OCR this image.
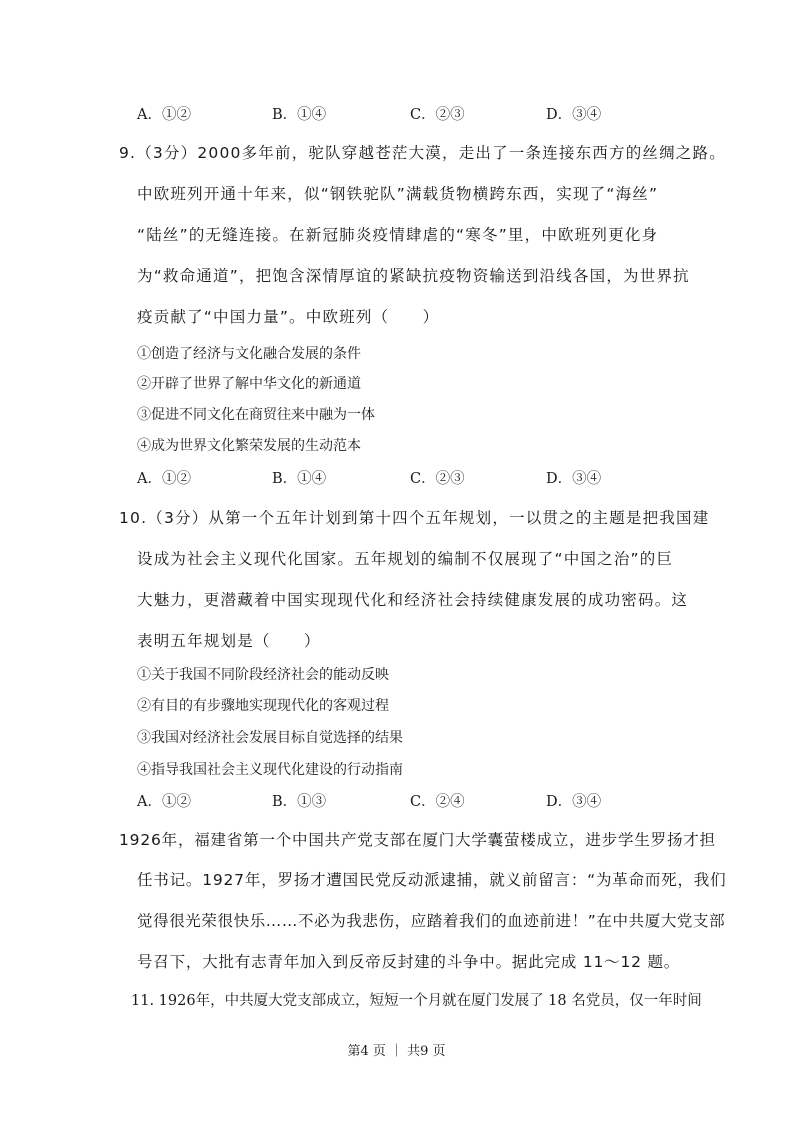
A．①②	B．①④	C．②③	D．③④
9.（3分）2000多年前，驼队穿越苍茫大漠，走出了一条连接东西方的丝绸之路。
中欧班列开通十年来，似“钢铁驼队”满载货物横跨东西，实现了“海丝”
“陆丝”的无缝连接。在新冠肺炎疫情肆虐的“寒冬”里，中欧班列更化身
为“救命通道”，把饱含深情厚谊的紧缺抗疫物资输送到沿线各国，为世界抗
疫贡献了“中国力量”。中欧班列（　　）
①创造了经济与文化融合发展的条件
②开辟了世界了解中华文化的新通道
③促进不同文化在商贸往来中融为一体
④成为世界文化繁荣发展的生动范本
A．①②	B．①④	C．②③	D．③④
10.（3分）从第一个五年计划到第十四个五年规划，一以贯之的主题是把我国建
设成为社会主义现代化国家。五年规划的编制不仅展现了“中国之治”的巨
大魅力，更潜藏着中国实现现代化和经济社会持续健康发展的成功密码。这
表明五年规划是（　　）
①关于我国不同阶段经济社会的能动反映
②有目的有步骤地实现现代化的客观过程
③我国对经济社会发展目标自觉选择的结果
④指导我国社会主义现代化建设的行动指南
A．①②	B．①③	C．②④	D．③④
1926年，福建省第一个中国共产党支部在厦门大学囊萤楼成立，进步学生罗扬才担
任书记。1927年，罗扬才遭国民党反动派逮捕，就义前留言：“为革命而死，我们
觉得很光荣很快乐……不必为我悲伤，应踏着我们的血迹前进！”在中共厦大党支部
号召下，大批有志青年加入到反帝反封建的斗争中。据此完成 11～12 题。
11. 1926年，中共厦大党支部成立，短短一个月就在厦门发展了 18 名党员，仅一年时间
第4 页 ｜ 共9 页
